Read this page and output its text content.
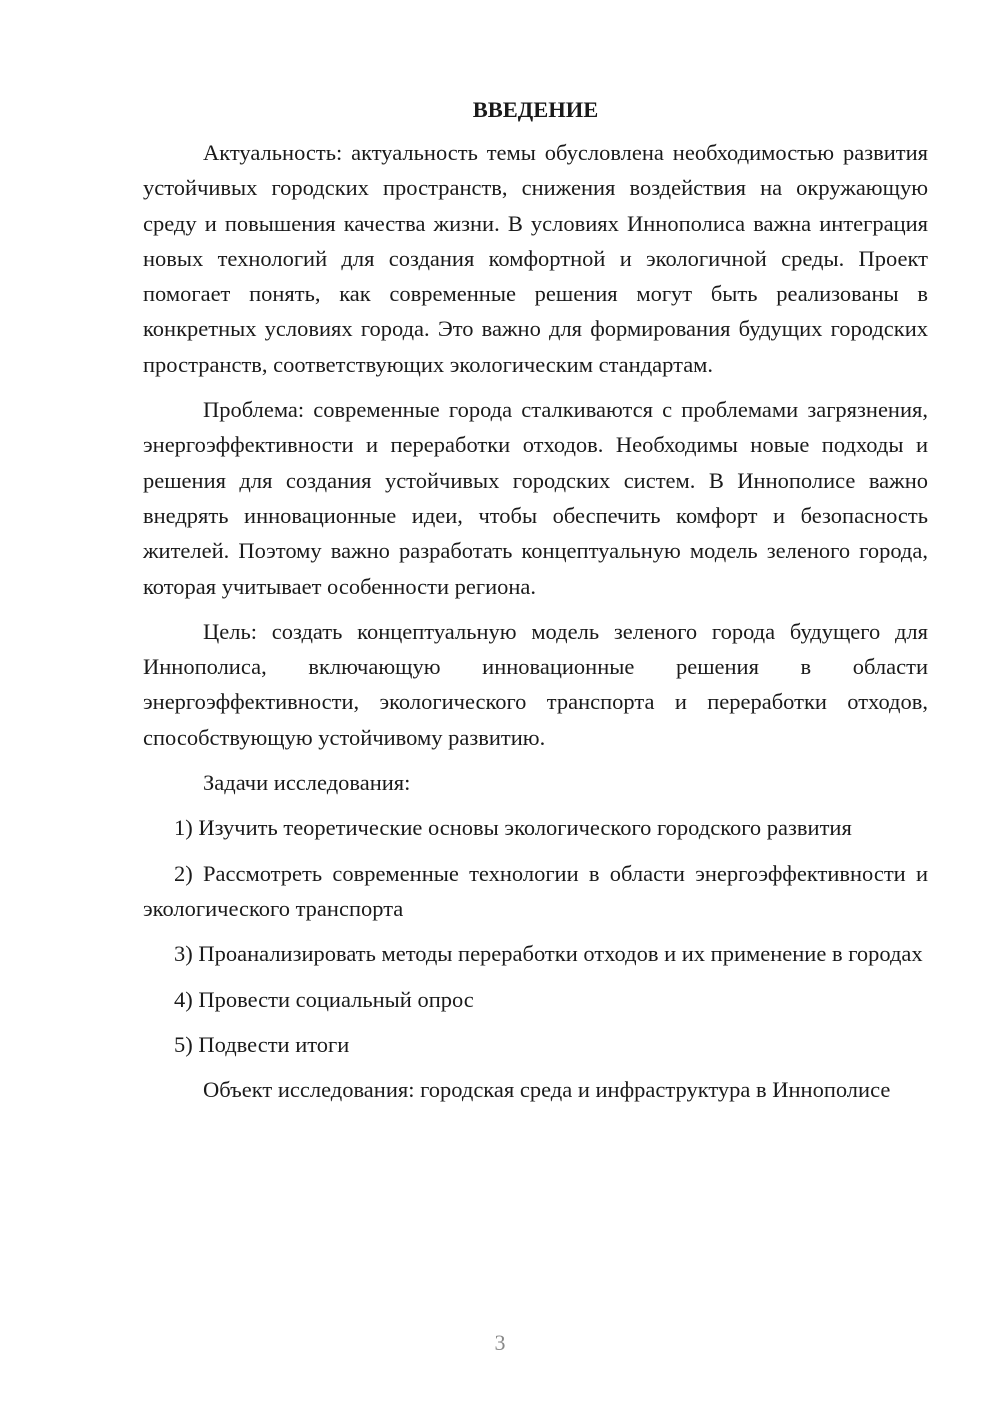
ВВЕДЕНИЕ

Актуальность: актуальность темы обусловлена необходимостью развития устойчивых городских пространств, снижения воздействия на окружающую среду и повышения качества жизни. В условиях Иннополиса важна интеграция новых технологий для создания комфортной и экологичной среды. Проект помогает понять, как современные решения могут быть реализованы в конкретных условиях города. Это важно для формирования будущих городских пространств, соответствующих экологическим стандартам.

Проблема: современные города сталкиваются с проблемами загрязнения, энергоэффективности и переработки отходов. Необходимы новые подходы и решения для создания устойчивых городских систем. В Иннополисе важно внедрять инновационные идеи, чтобы обеспечить комфорт и безопасность жителей. Поэтому важно разработать концептуальную модель зеленого города, которая учитывает особенности региона.

Цель: создать концептуальную модель зеленого города будущего для Иннополиса, включающую инновационные решения в области энергоэффективности, экологического транспорта и переработки отходов, способствующую устойчивому развитию.

Задачи исследования:

1) Изучить теоретические основы экологического городского развития

2) Рассмотреть современные технологии в области энергоэффективности и экологического транспорта

3) Проанализировать методы переработки отходов и их применение в городах

4) Провести социальный опрос

5) Подвести итоги

Объект исследования: городская среда и инфраструктура в Иннополисе

3
